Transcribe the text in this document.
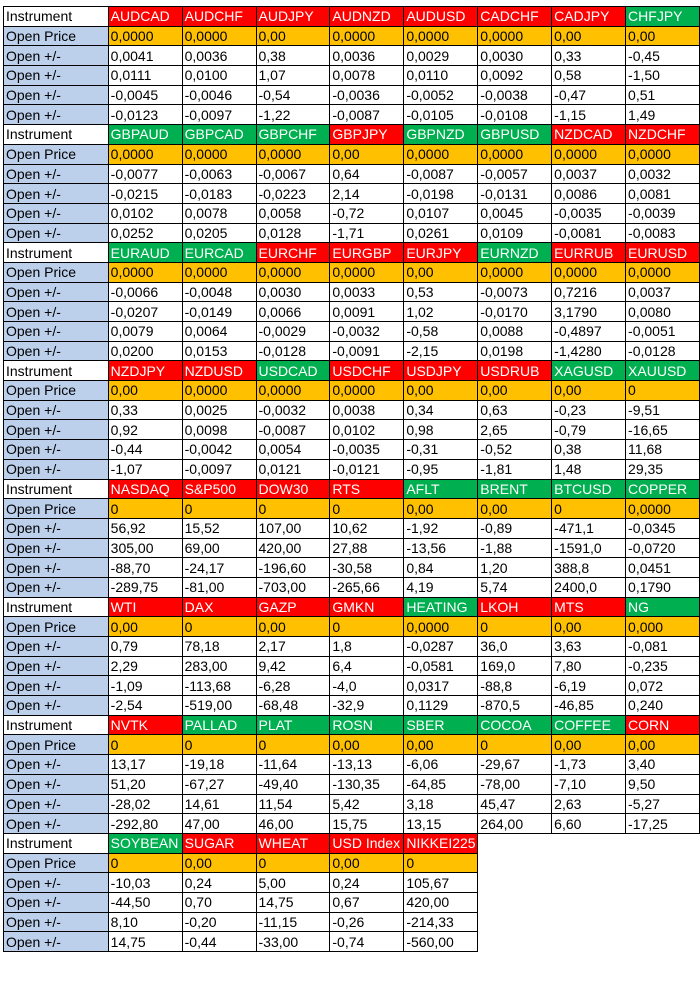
Instrument	AUDCAD	AUDCHF	AUDJPY	AUDNZD	AUDUSD	CADCHF	CADJPY	CHFJPY
Open Price	0,0000	0,0000	0,00	0,0000	0,0000	0,0000	0,00	0,00
Open +/-	0,0041	0,0036	0,38	0,0036	0,0029	0,0030	0,33	-0,45
Open +/-	0,0111	0,0100	1,07	0,0078	0,0110	0,0092	0,58	-1,50
Open +/-	-0,0045	-0,0046	-0,54	-0,0036	-0,0052	-0,0038	-0,47	0,51
Open +/-	-0,0123	-0,0097	-1,22	-0,0087	-0,0105	-0,0108	-1,15	1,49
Instrument	GBPAUD	GBPCAD	GBPCHF	GBPJPY	GBPNZD	GBPUSD	NZDCAD	NZDCHF
Open Price	0,0000	0,0000	0,0000	0,00	0,0000	0,0000	0,0000	0,0000
Open +/-	-0,0077	-0,0063	-0,0067	0,64	-0,0087	-0,0057	0,0037	0,0032
Open +/-	-0,0215	-0,0183	-0,0223	2,14	-0,0198	-0,0131	0,0086	0,0081
Open +/-	0,0102	0,0078	0,0058	-0,72	0,0107	0,0045	-0,0035	-0,0039
Open +/-	0,0252	0,0205	0,0128	-1,71	0,0261	0,0109	-0,0081	-0,0083
Instrument	EURAUD	EURCAD	EURCHF	EURGBP	EURJPY	EURNZD	EURRUB	EURUSD
Open Price	0,0000	0,0000	0,0000	0,0000	0,00	0,0000	0,0000	0,0000
Open +/-	-0,0066	-0,0048	0,0030	0,0033	0,53	-0,0073	0,7216	0,0037
Open +/-	-0,0207	-0,0149	0,0066	0,0091	1,02	-0,0170	3,1790	0,0080
Open +/-	0,0079	0,0064	-0,0029	-0,0032	-0,58	0,0088	-0,4897	-0,0051
Open +/-	0,0200	0,0153	-0,0128	-0,0091	-2,15	0,0198	-1,4280	-0,0128
Instrument	NZDJPY	NZDUSD	USDCAD	USDCHF	USDJPY	USDRUB	XAGUSD	XAUUSD
Open Price	0,00	0,0000	0,0000	0,0000	0,00	0,00	0,00	0
Open +/-	0,33	0,0025	-0,0032	0,0038	0,34	0,63	-0,23	-9,51
Open +/-	0,92	0,0098	-0,0087	0,0102	0,98	2,65	-0,79	-16,65
Open +/-	-0,44	-0,0042	0,0054	-0,0035	-0,31	-0,52	0,38	11,68
Open +/-	-1,07	-0,0097	0,0121	-0,0121	-0,95	-1,81	1,48	29,35
Instrument	NASDAQ	S&P500	DOW30	RTS	AFLT	BRENT	BTCUSD	COPPER
Open Price	0	0	0	0	0,00	0,00	0	0,0000
Open +/-	56,92	15,52	107,00	10,62	-1,92	-0,89	-471,1	-0,0345
Open +/-	305,00	69,00	420,00	27,88	-13,56	-1,88	-1591,0	-0,0720
Open +/-	-88,70	-24,17	-196,60	-30,58	0,84	1,20	388,8	0,0451
Open +/-	-289,75	-81,00	-703,00	-265,66	4,19	5,74	2400,0	0,1790
Instrument	WTI	DAX	GAZP	GMKN	HEATING	LKOH	MTS	NG
Open Price	0,00	0	0,00	0	0,0000	0	0,00	0,000
Open +/-	0,79	78,18	2,17	1,8	-0,0287	36,0	3,63	-0,081
Open +/-	2,29	283,00	9,42	6,4	-0,0581	169,0	7,80	-0,235
Open +/-	-1,09	-113,68	-6,28	-4,0	0,0317	-88,8	-6,19	0,072
Open +/-	-2,54	-519,00	-68,48	-32,9	0,1129	-870,5	-46,85	0,240
Instrument	NVTK	PALLAD	PLAT	ROSN	SBER	COCOA	COFFEE	CORN
Open Price	0	0	0	0,00	0,00	0	0,00	0,00
Open +/-	13,17	-19,18	-11,64	-13,13	-6,06	-29,67	-1,73	3,40
Open +/-	51,20	-67,27	-49,40	-130,35	-64,85	-78,00	-7,10	9,50
Open +/-	-28,02	14,61	11,54	5,42	3,18	45,47	2,63	-5,27
Open +/-	-292,80	47,00	46,00	15,75	13,15	264,00	6,60	-17,25
Instrument	SOYBEAN	SUGAR	WHEAT	USD Index	NIKKEI225			
Open Price	0	0,00	0	0,00	0			
Open +/-	-10,03	0,24	5,00	0,24	105,67			
Open +/-	-44,50	0,70	14,75	0,67	420,00			
Open +/-	8,10	-0,20	-11,15	-0,26	-214,33			
Open +/-	14,75	-0,44	-33,00	-0,74	-560,00			
